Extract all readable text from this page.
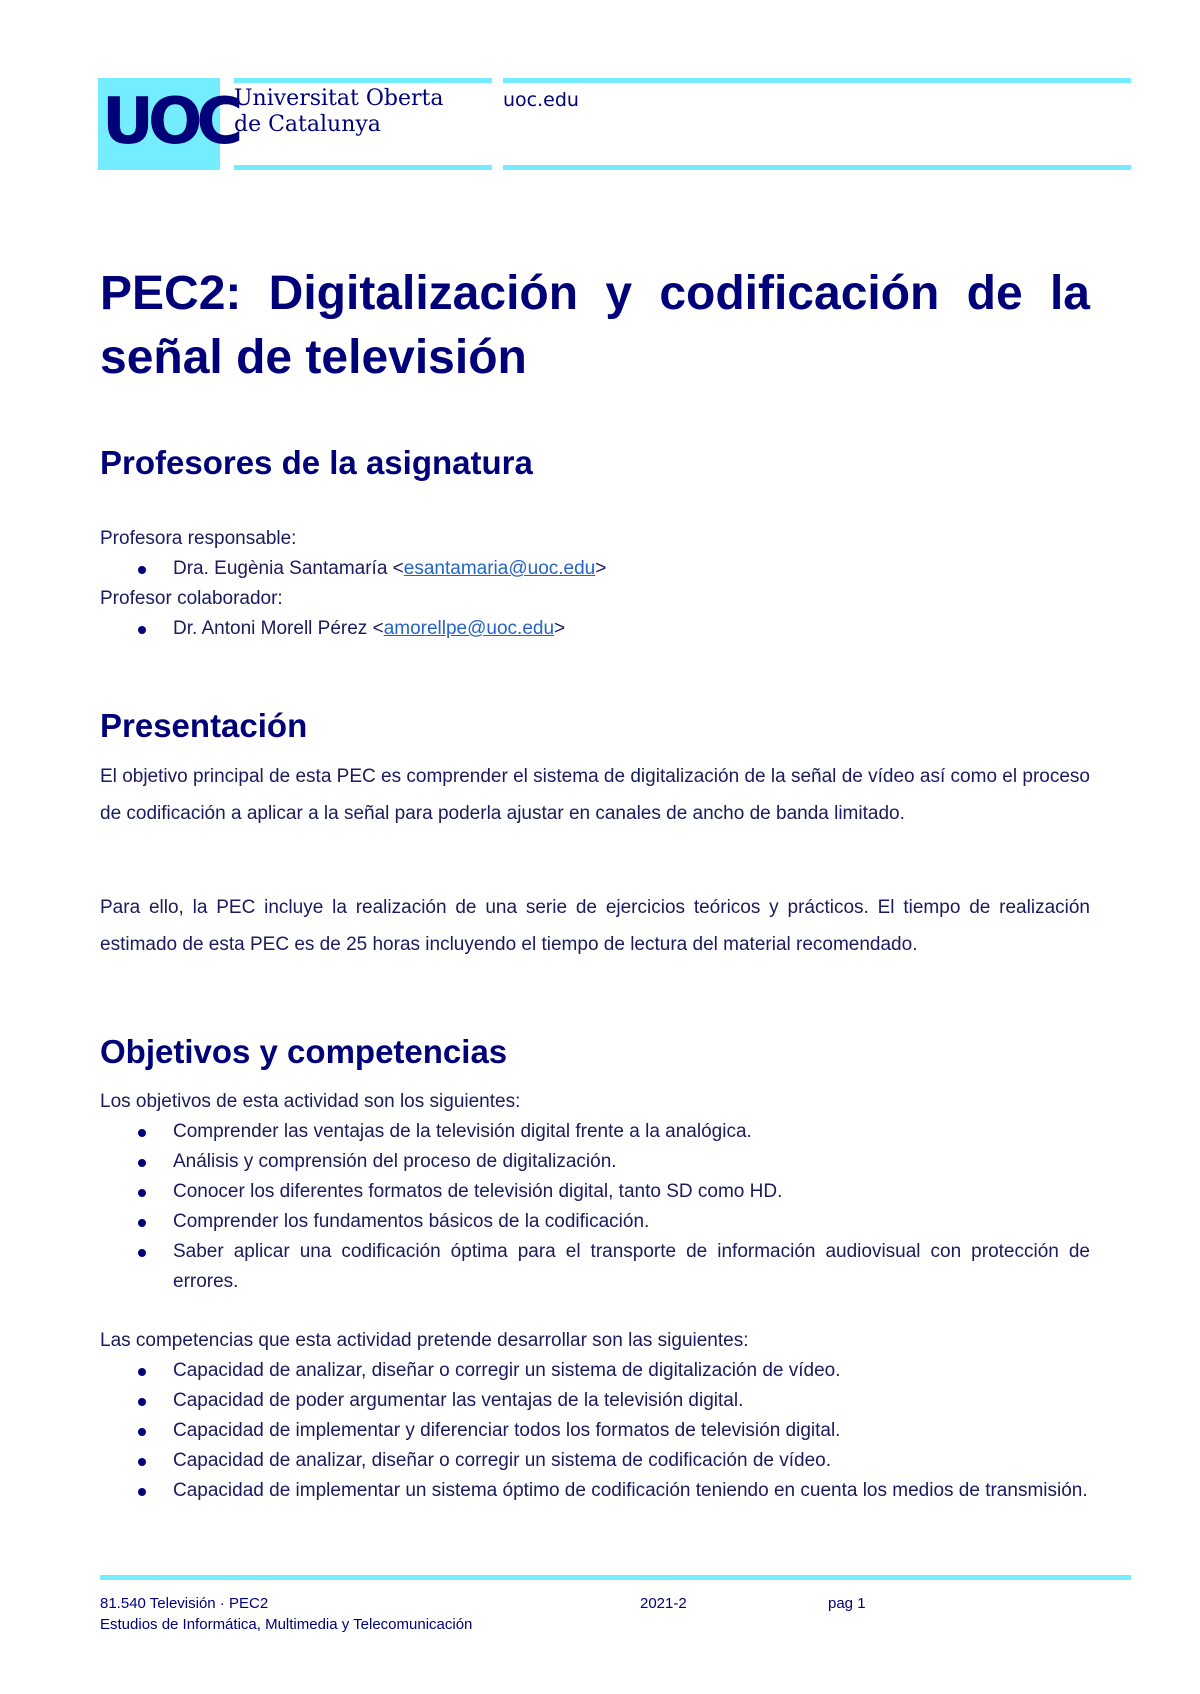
UOC
Universitat Oberta
de Catalunya
uoc.edu
PEC2: Digitalización y codificación de la señal de televisión
Profesores de la asignatura

Profesora responsable:

Dra. Eugènia Santamaría <esantamaria@uoc.edu>

Profesor colaborador:

Dr. Antoni Morell Pérez <amorellpe@uoc.edu>
Presentación

El objetivo principal de esta PEC es comprender el sistema de digitalización de la señal de vídeo así como el proceso de codificación a aplicar a la señal para poderla ajustar en canales de ancho de banda limitado.

Para ello, la PEC incluye la realización de una serie de ejercicios teóricos y prácticos. El tiempo de realización estimado de esta PEC es de 25 horas incluyendo el tiempo de lectura del material recomendado.

Objetivos y competencias

Los objetivos de esta actividad son los siguientes:

Comprender las ventajas de la televisión digital frente a la analógica.
Análisis y comprensión del proceso de digitalización.
Conocer los diferentes formatos de televisión digital, tanto SD como HD.
Comprender los fundamentos básicos de la codificación.
Saber aplicar una codificación óptima para el transporte de información audiovisual con protección de errores.

Las competencias que esta actividad pretende desarrollar son las siguientes:

Capacidad de analizar, diseñar o corregir un sistema de digitalización de vídeo.
Capacidad de poder argumentar las ventajas de la televisión digital.
Capacidad de implementar y diferenciar todos los formatos de televisión digital.
Capacidad de analizar, diseñar o corregir un sistema de codificación de vídeo.
Capacidad de implementar un sistema óptimo de codificación teniendo en cuenta los medios de transmisión.
81.540 Televisión · PEC2	2021-2	pag 1
Estudios de Informática, Multimedia y Telecomunicación
